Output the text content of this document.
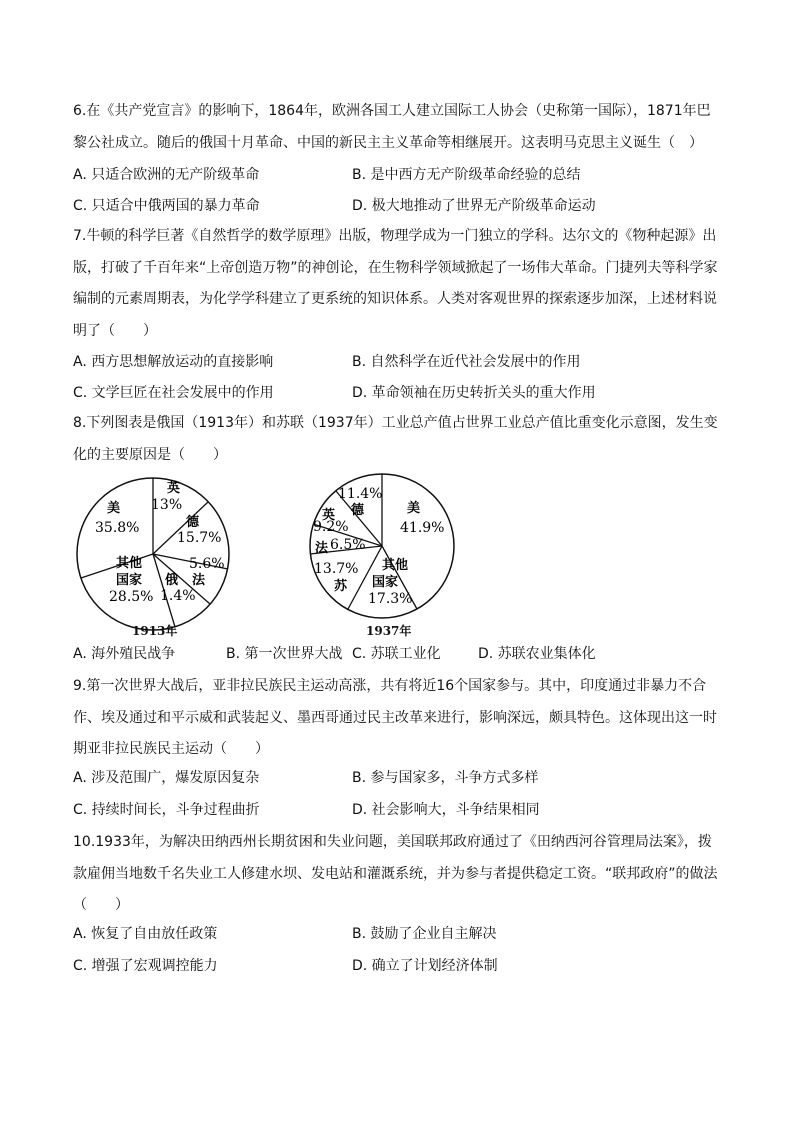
6.在《共产党宣言》的影响下，1864年，欧洲各国工人建立国际工人协会（史称第一国际），1871年巴黎公社成立。随后的俄国十月革命、中国的新民主主义革命等相继展开。这表明马克思主义诞生（　）
A. 只适合欧洲的无产阶级革命	B. 是中西方无产阶级革命经验的总结
C. 只适合中俄两国的暴力革命	D. 极大地推动了世界无产阶级革命运动
7.牛顿的科学巨著《自然哲学的数学原理》出版，物理学成为一门独立的学科。达尔文的《物种起源》出版，打破了千百年来“上帝创造万物”的神创论，在生物科学领域掀起了一场伟大革命。门捷列夫等科学家编制的元素周期表，为化学学科建立了更系统的知识体系。人类对客观世界的探索逐步加深，上述材料说明了（　　）
A. 西方思想解放运动的直接影响	B. 自然科学在近代社会发展中的作用
C. 文学巨匠在社会发展中的作用	D. 革命领袖在历史转折关头的重大作用
8.下列图表是俄国（1913年）和苏联（1937年）工业总产值占世界工业总产值比重变化示意图，发生变化的主要原因是（　　）
英
13%
德
15.7%
5.6%
法
俄
1.4%
其他
国家
28.5%
美
35.8%
1913年
美
41.9%
其他
国家
17.3%
13.7%
苏
法 6.5%
英
9.2%
德
11.4%
1937年
A. 海外殖民战争	B. 第一次世界大战 C. 苏联工业化	D. 苏联农业集体化
9.第一次世界大战后，亚非拉民族民主运动高涨，共有将近16个国家参与。其中，印度通过非暴力不合作、埃及通过和平示威和武装起义、墨西哥通过民主改革来进行，影响深远，颇具特色。这体现出这一时期亚非拉民族民主运动（　　）
A. 涉及范围广，爆发原因复杂	B. 参与国家多，斗争方式多样
C. 持续时间长，斗争过程曲折	D. 社会影响大，斗争结果相同
10.1933年，为解决田纳西州长期贫困和失业问题，美国联邦政府通过了《田纳西河谷管理局法案》，拨款雇佣当地数千名失业工人修建水坝、发电站和灌溉系统，并为参与者提供稳定工资。“联邦政府”的做法（　　）
A. 恢复了自由放任政策	B. 鼓励了企业自主解决
C. 增强了宏观调控能力	D. 确立了计划经济体制
